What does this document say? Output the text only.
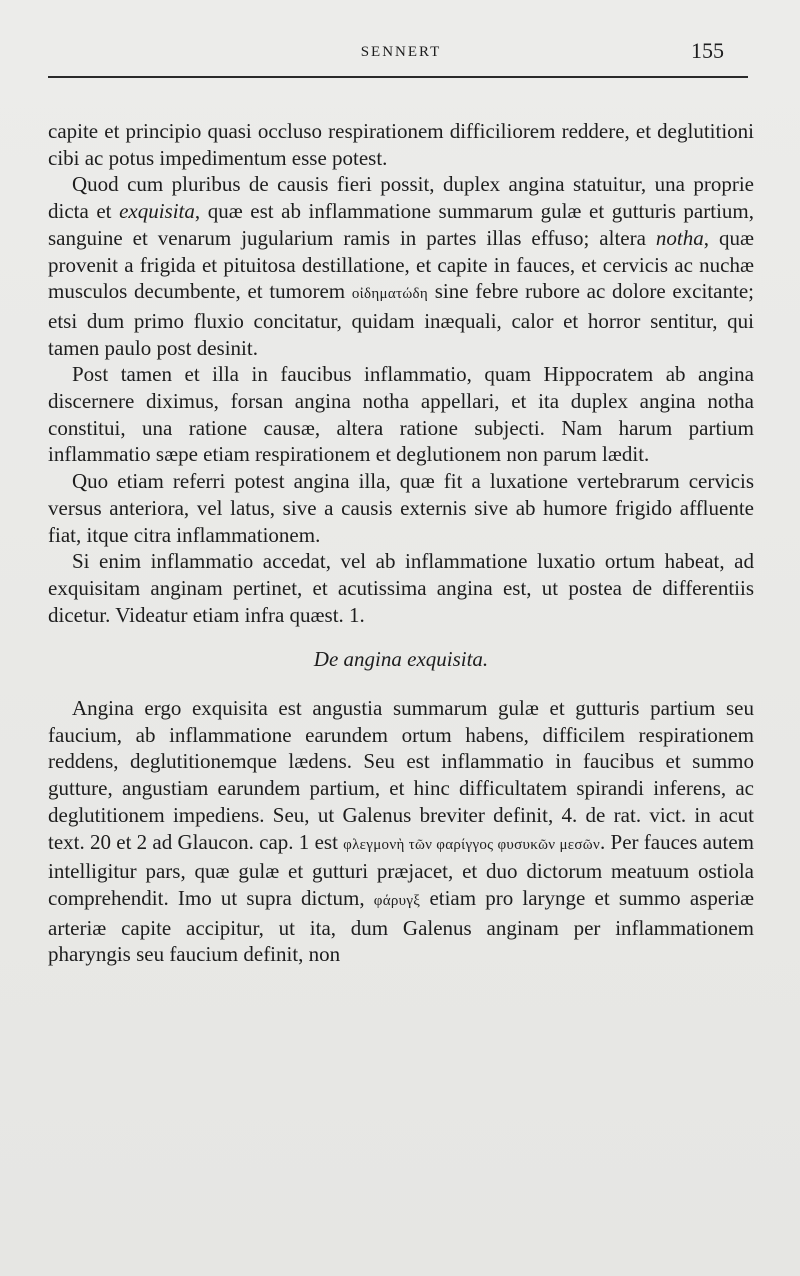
SENNERT	155

capite et principio quasi occluso respirationem difficiliorem reddere, et deglutitioni cibi ac potus impedimentum esse potest.

Quod cum pluribus de causis fieri possit, duplex angina statuitur, una proprie dicta et exquisita, quæ est ab inflammatione summarum gulæ et gutturis partium, sanguine et venarum jugularium ramis in partes illas effuso; altera notha, quæ provenit a frigida et pituitosa destillatione, et capite in fauces, et cervicis ac nuchæ musculos decumbente, et tumorem οἰδηματώδη sine febre rubore ac dolore excitante; etsi dum primo fluxio concitatur, quidam inæquali, calor et horror sentitur, qui tamen paulo post desinit.

Post tamen et illa in faucibus inflammatio, quam Hippocratem ab angina discernere diximus, forsan angina notha appellari, et ita duplex angina notha constitui, una ratione causæ, altera ratione subjecti. Nam harum partium inflammatio sæpe etiam respirationem et deglutionem non parum lædit.

Quo etiam referri potest angina illa, quæ fit a luxatione vertebrarum cervicis versus anteriora, vel latus, sive a causis externis sive ab humore frigido affluente fiat, itque citra inflammationem.

Si enim inflammatio accedat, vel ab inflammatione luxatio ortum habeat, ad exquisitam anginam pertinet, et acutissima angina est, ut postea de differentiis dicetur. Videatur etiam infra quæst. 1.

De angina exquisita.

Angina ergo exquisita est angustia summarum gulæ et gutturis partium seu faucium, ab inflammatione earundem ortum habens, difficilem respirationem reddens, deglutitionemque lædens. Seu est inflammatio in faucibus et summo gutture, angustiam earundem partium, et hinc difficultatem spirandi inferens, ac deglutitionem impediens. Seu, ut Galenus breviter definit, 4. de rat. vict. in acut text. 20 et 2 ad Glaucon. cap. 1 est φλεγμονὴ τῶν φαρίγγος φυσυκῶν μεσῶν. Per fauces autem intelligitur pars, quæ gulæ et gutturi præjacet, et duo dictorum meatuum ostiola comprehendit. Imo ut supra dictum, φάρυγξ etiam pro larynge et summo asperiæ arteriæ capite accipitur, ut ita, dum Galenus anginam per inflammationem pharyngis seu faucium definit, non
